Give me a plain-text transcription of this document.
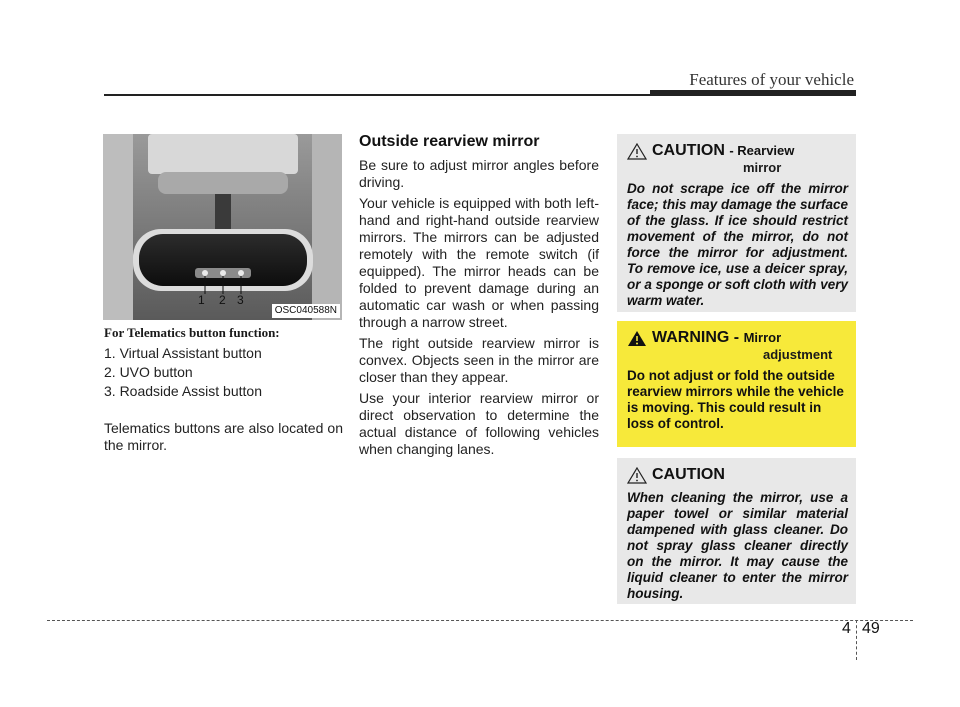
Features of your vehicle
1 2 3
OSC040588N
For Telematics button function:
1. Virtual Assistant button
2. UVO button
3. Roadside Assist button
Telematics buttons are also located on the mirror.
Outside rearview mirror

Be sure to adjust mirror angles before driving.

Your vehicle is equipped with both left-hand and right-hand outside rearview mirrors. The mirrors can be adjusted remotely with the remote switch (if equipped). The mirror heads can be folded to prevent damage during an automatic car wash or when passing through a narrow street.

The right outside rearview mirror is convex. Objects seen in the mirror are closer than they appear.

Use your interior rearview mirror or direct observation to determine the actual distance of following vehicles when changing lanes.

CAUTION - Rearview
mirror
Do not scrape ice off the mirror face; this may damage the surface of the glass. If ice should restrict movement of the mirror, do not force the mirror for adjustment. To remove ice, use a deicer spray, or a sponge or soft cloth with very warm water.
WARNING - Mirror
adjustment
Do not adjust or fold the outside rearview mirrors while the vehicle is moving. This could result in loss of control.
CAUTION
When cleaning the mirror, use a paper towel or similar material dampened with glass cleaner. Do not spray glass cleaner directly on the mirror. It may cause the liquid cleaner to enter the mirror housing.
4 49
